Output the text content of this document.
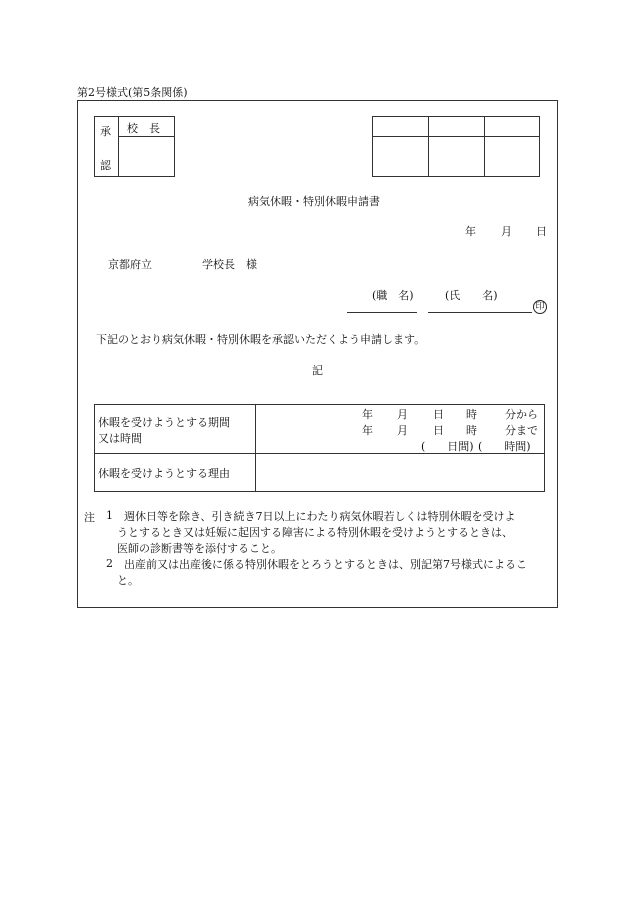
第2号様式(第5条関係)
承
認
校　長
病気休暇・特別休暇申請書
年 月 日
京都府立	学校長　様
(職　名)	(氏　　名)
印
下記のとおり病気休暇・特別休暇を承認いただくよう申請します。
記
休暇を受けようとする期間
又は時間
年 月 日 時	分から
年 月 日 時	分まで
(　　日間) (　　時間)
休暇を受けようとする理由
注 1 週休日等を除き、引き続き7日以上にわたり病気休暇若しくは特別休暇を受けよ
うとするとき又は妊娠に起因する障害による特別休暇を受けようとするときは、
医師の診断書等を添付すること。
2 出産前又は出産後に係る特別休暇をとろうとするときは、別記第7号様式によるこ
と。
